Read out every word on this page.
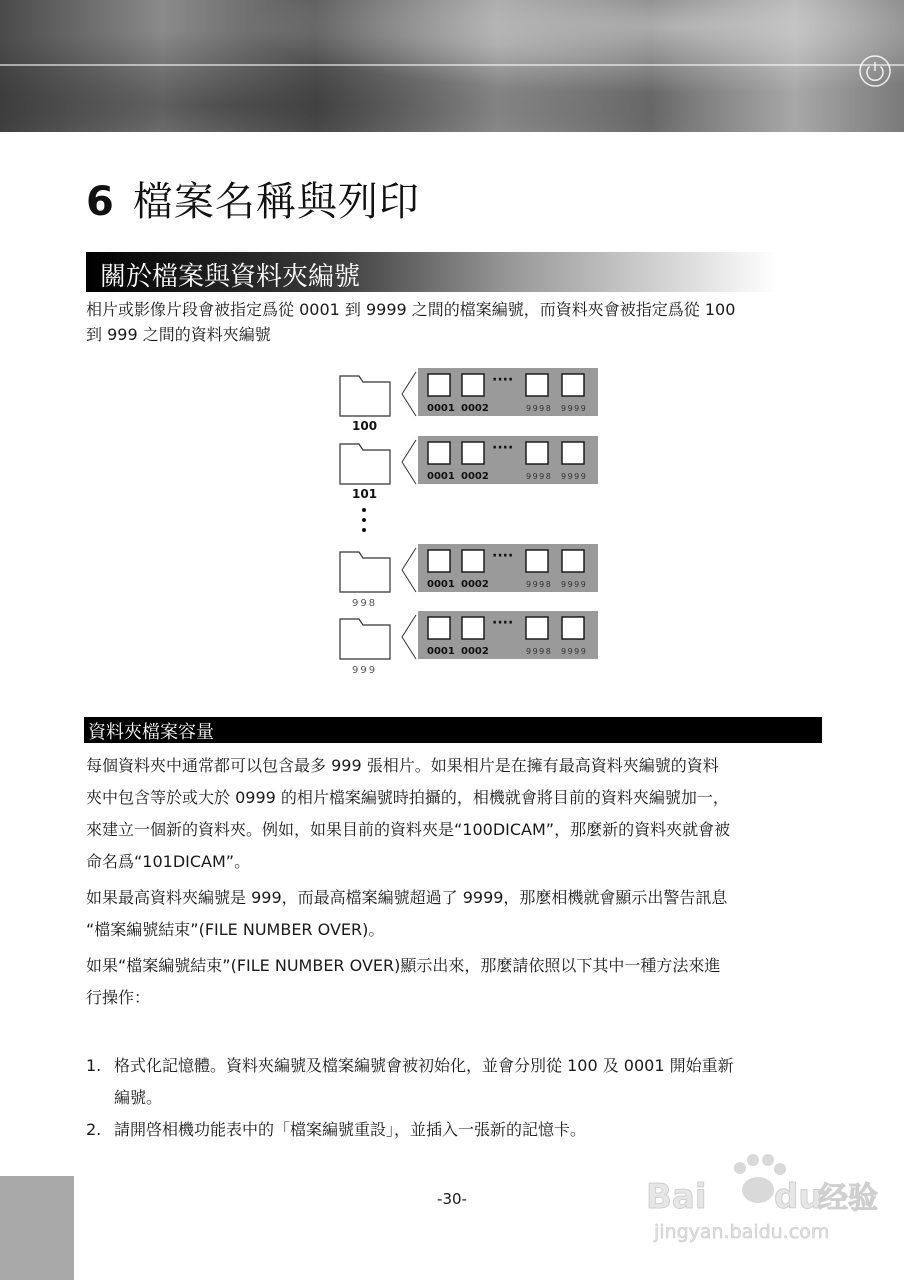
6 檔案名稱與列印
關於檔案與資料夾編號
相片或影像片段會被指定爲從 0001 到 9999 之間的檔案編號，而資料夾會被指定爲從 100
到 999 之間的資料夾編號
100
····
0001 0002	9998 9999
101
····
0001 0002	9998 9999
998
····
0001 0002	9998 9999
999
····
0001 0002	9998 9999
資料夾檔案容量
每個資料夾中通常都可以包含最多 999 張相片。如果相片是在擁有最高資料夾編號的資料
夾中包含等於或大於 0999 的相片檔案編號時拍攝的，相機就會將目前的資料夾編號加一，
來建立一個新的資料夾。例如，如果目前的資料夾是“100DICAM”，那麼新的資料夾就會被
命名爲“101DICAM”。
如果最高資料夾編號是 999，而最高檔案編號超過了 9999，那麼相機就會顯示出警告訊息
“檔案編號結束”(FILE NUMBER OVER)。
如果“檔案編號結束”(FILE NUMBER OVER)顯示出來，那麼請依照以下其中一種方法來進
行操作：
1. 格式化記憶體。資料夾編號及檔案編號會被初始化，並會分別從 100 及 0001 開始重新
編號。
2. 請開啓相機功能表中的「檔案編號重設」，並插入一張新的記憶卡。
-30-	Bai du
经验
jingyan.baidu.com
